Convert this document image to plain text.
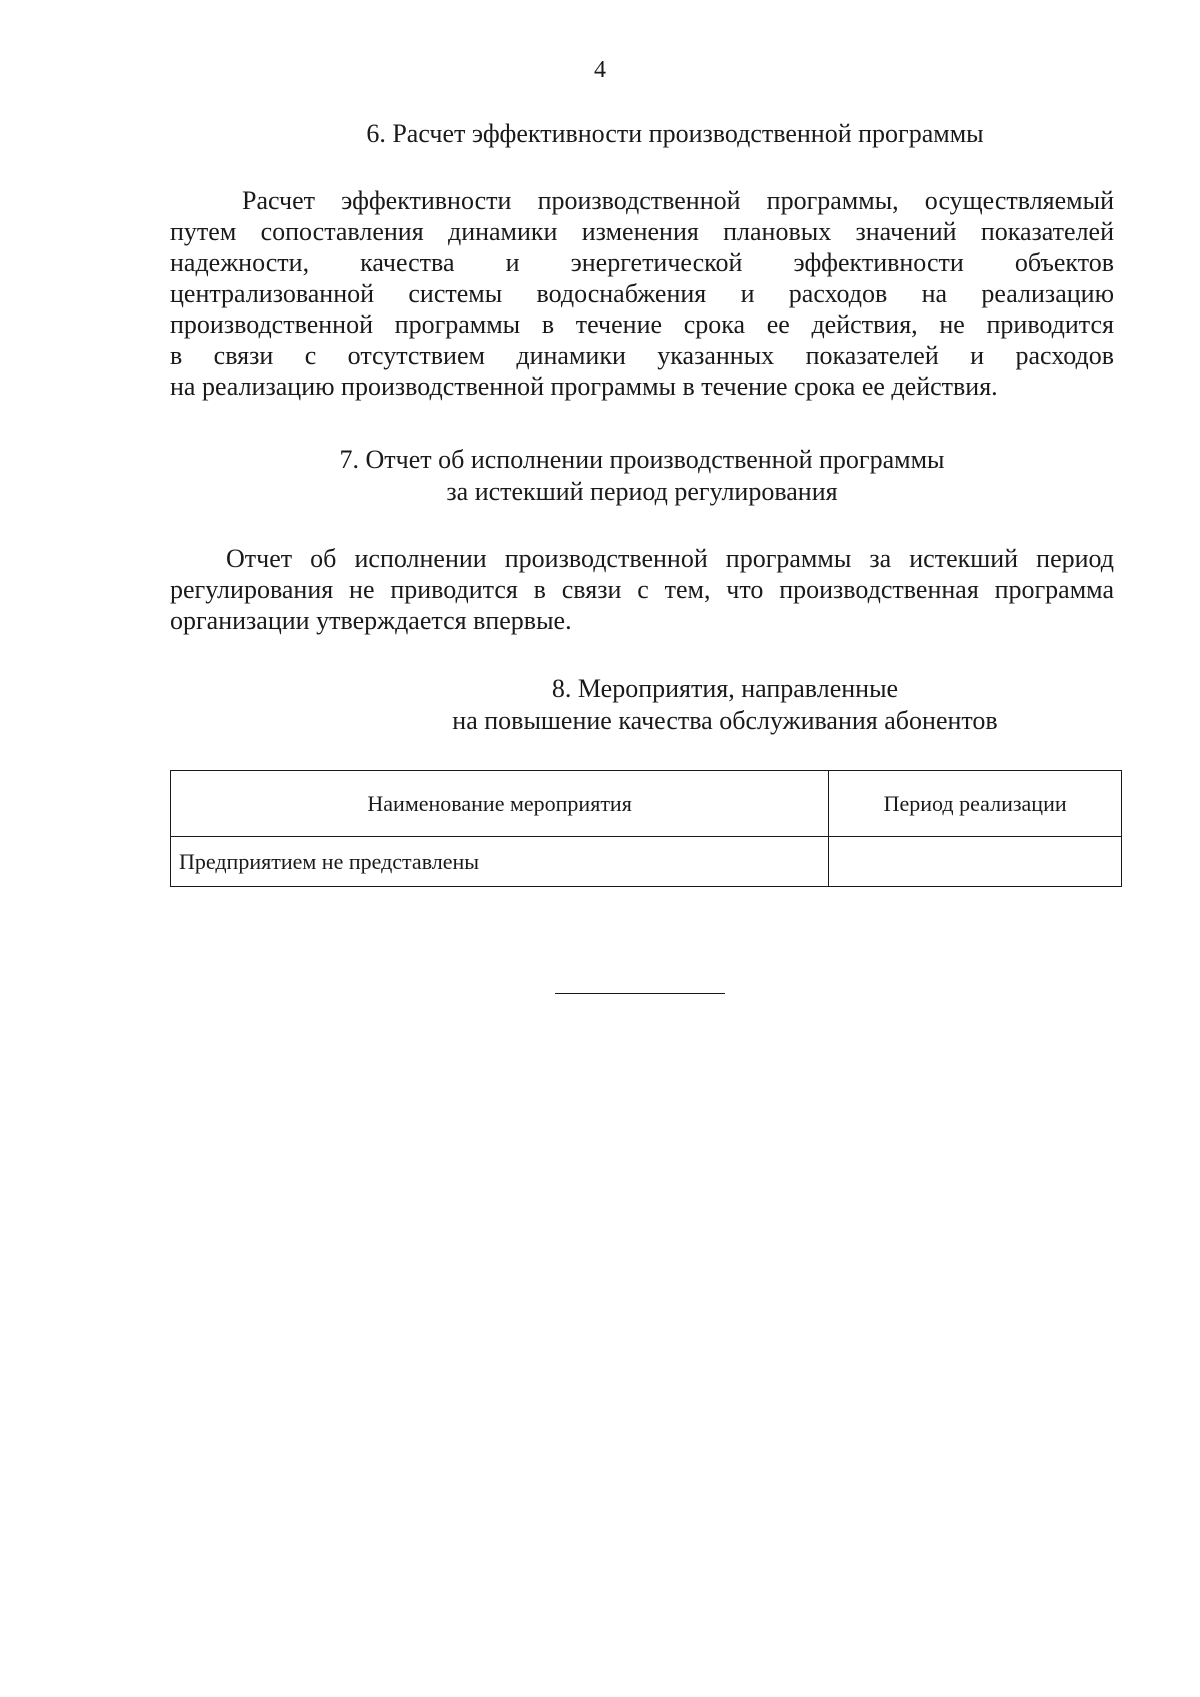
4
6. Расчет эффективности производственной программы
Расчет эффективности производственной программы, осуществляемый
путем сопоставления динамики изменения плановых значений показателей
надежности, качества и энергетической эффективности объектов
централизованной системы водоснабжения и расходов на реализацию
производственной программы в течение срока ее действия, не приводится
в связи с отсутствием динамики указанных показателей и расходов
на реализацию производственной программы в течение срока ее действия.
7. Отчет об исполнении производственной программы
за истекший период регулирования
Отчет об исполнении производственной программы за истекший период
регулирования не приводится в связи с тем, что производственная программа
организации утверждается впервые.
8. Мероприятия, направленные
на повышение качества обслуживания абонентов
Наименование мероприятия	Период реализации
Предприятием не представлены	
